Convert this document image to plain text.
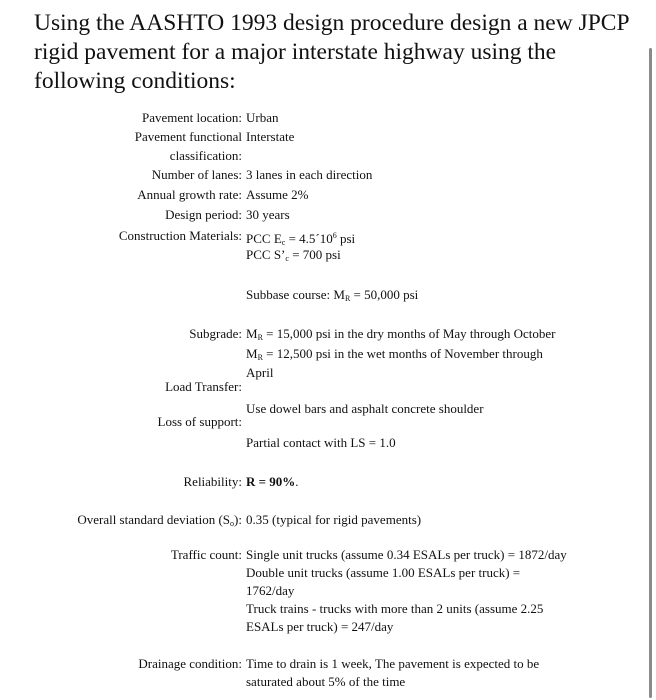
Using the AASHTO 1993 design procedure design a new JPCP rigid pavement for a major interstate highway using the following conditions:
Pavement location: Urban
Pavement functional Interstate
classification:
Number of lanes: 3 lanes in each direction
Annual growth rate: Assume 2%
Design period: 30 years
Construction Materials: PCC $E_c$ = $4.5´10^6$ psi
PCC $S’_c = 700$ psi
Subbase course: $M_R = 50,000$ psi
Subgrade: $M_R = 15,000$ psi in the dry months of May through October
$M_R = 12,500$ psi in the wet months of November through
April
Load Transfer:
Use dowel bars and asphalt concrete shoulder
Loss of support:
Partial contact with LS = 1.0
Reliability: R = 90%.
Overall standard deviation $(S_o)$: 0.35 (typical for rigid pavements)
Traffic count: Single unit trucks (assume 0.34 ESALs per truck) = 1872/day
Double unit trucks (assume 1.00 ESALs per truck) =
1762/day
Truck trains - trucks with more than 2 units (assume 2.25
ESALs per truck) = 247/day
Drainage condition: Time to drain is 1 week, The pavement is expected to be
saturated about 5% of the time
